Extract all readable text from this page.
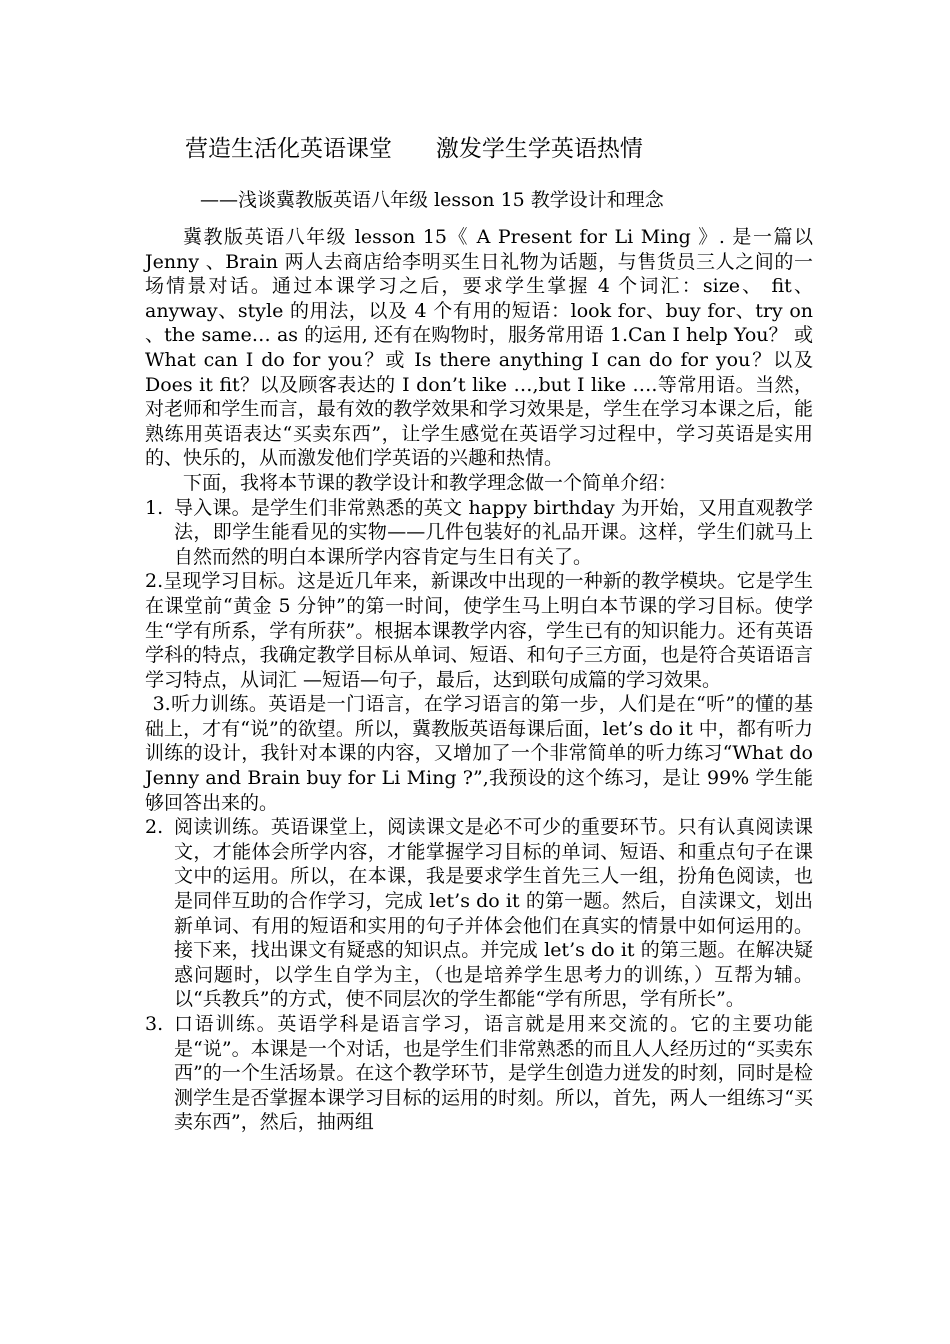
营造生活化英语课堂      激发学生学英语热情
——浅谈冀教版英语八年级 lesson 15 教学设计和理念
冀教版英语八年级 lesson 15《 A Present for Li Ming 》. 是一篇以 Jenny 、Brain 两人去商店给李明买生日礼物为话题，与售货员三人之间的一场情景对话。通过本课学习之后，要求学生掌握 4 个词汇：size、 fit、anyway、style 的用法，以及 4 个有用的短语：look for、buy for、try on 、the same… as 的运用, 还有在购物时，服务常用语 1.Can I help You？ 或 What can I do for you？或 Is there anything I can do for you？以及 Does it fit？以及顾客表达的 I don’t like …,but I like ….等常用语。当然，对老师和学生而言，最有效的教学效果和学习效果是，学生在学习本课之后，能熟练用英语表达“买卖东西”，让学生感觉在英语学习过程中，学习英语是实用的、快乐的，从而激发他们学英语的兴趣和热情。
下面，我将本节课的教学设计和教学理念做一个简单介绍：
1. 导入课。是学生们非常熟悉的英文 happy birthday 为开始，又用直观教学法，即学生能看见的实物——几件包装好的礼品开课。这样，学生们就马上自然而然的明白本课所学内容肯定与生日有关了。
2.呈现学习目标。这是近几年来，新课改中出现的一种新的教学模块。它是学生在课堂前“黄金 5 分钟”的第一时间，使学生马上明白本节课的学习目标。使学生“学有所系，学有所获”。根据本课教学内容，学生已有的知识能力。还有英语学科的特点，我确定教学目标从单词、短语、和句子三方面，也是符合英语语言学习特点，从词汇 —短语—句子，最后，达到联句成篇的学习效果。
3.听力训练。英语是一门语言，在学习语言的第一步，人们是在“听”的懂的基础上，才有“说”的欲望。所以，冀教版英语每课后面，let’s do it 中，都有听力训练的设计，我针对本课的内容，又增加了一个非常简单的听力练习“What do Jenny and Brain buy for Li Ming ?”,我预设的这个练习，是让 99% 学生能够回答出来的。
2. 阅读训练。英语课堂上，阅读课文是必不可少的重要环节。只有认真阅读课文，才能体会所学内容，才能掌握学习目标的单词、短语、和重点句子在课文中的运用。所以，在本课，我是要求学生首先三人一组，扮角色阅读，也是同伴互助的合作学习，完成 let’s do it 的第一题。然后，自渎课文，划出新单词、有用的短语和实用的句子并体会他们在真实的情景中如何运用的。接下来，找出课文有疑惑的知识点。并完成 let’s do it 的第三题。在解决疑惑问题时，以学生自学为主，（也是培养学生思考力的训练，）互帮为辅。以“兵教兵”的方式，使不同层次的学生都能“学有所思，学有所长”。
3. 口语训练。英语学科是语言学习，语言就是用来交流的。它的主要功能是“说”。本课是一个对话，也是学生们非常熟悉的而且人人经历过的“买卖东西”的一个生活场景。在这个教学环节，是学生创造力迸发的时刻，同时是检测学生是否掌握本课学习目标的运用的时刻。所以，首先，两人一组练习“买卖东西”，然后，抽两组
